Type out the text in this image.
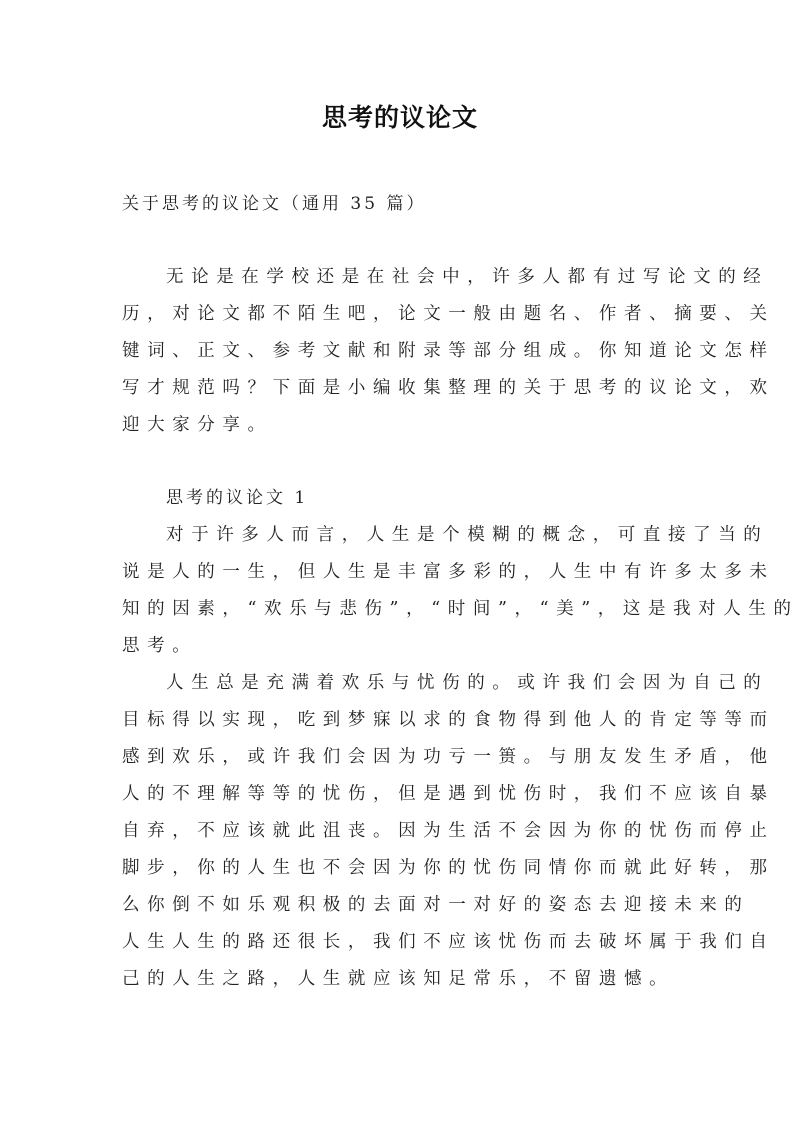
思考的议论文
关于思考的议论文（通用 35 篇）
无论是在学校还是在社会中，许多人都有过写论文的经
历，对论文都不陌生吧，论文一般由题名、作者、摘要、关
键词、正文、参考文献和附录等部分组成。你知道论文怎样
写才规范吗？下面是小编收集整理的关于思考的议论文，欢
迎大家分享。
思考的议论文 1
对于许多人而言，人生是个模糊的概念，可直接了当的
说是人的一生，但人生是丰富多彩的，人生中有许多太多未
知的因素，“欢乐与悲伤”，“时间”，“美”，这是我对人生的
思考。
人生总是充满着欢乐与忧伤的。或许我们会因为自己的
目标得以实现，吃到梦寐以求的食物得到他人的肯定等等而
感到欢乐，或许我们会因为功亏一篑。与朋友发生矛盾，他
人的不理解等等的忧伤，但是遇到忧伤时，我们不应该自暴
自弃，不应该就此沮丧。因为生活不会因为你的忧伤而停止
脚步，你的人生也不会因为你的忧伤同情你而就此好转，那
么你倒不如乐观积极的去面对一对好的姿态去迎接未来的
人生人生的路还很长，我们不应该忧伤而去破坏属于我们自
己的人生之路，人生就应该知足常乐，不留遗憾。
